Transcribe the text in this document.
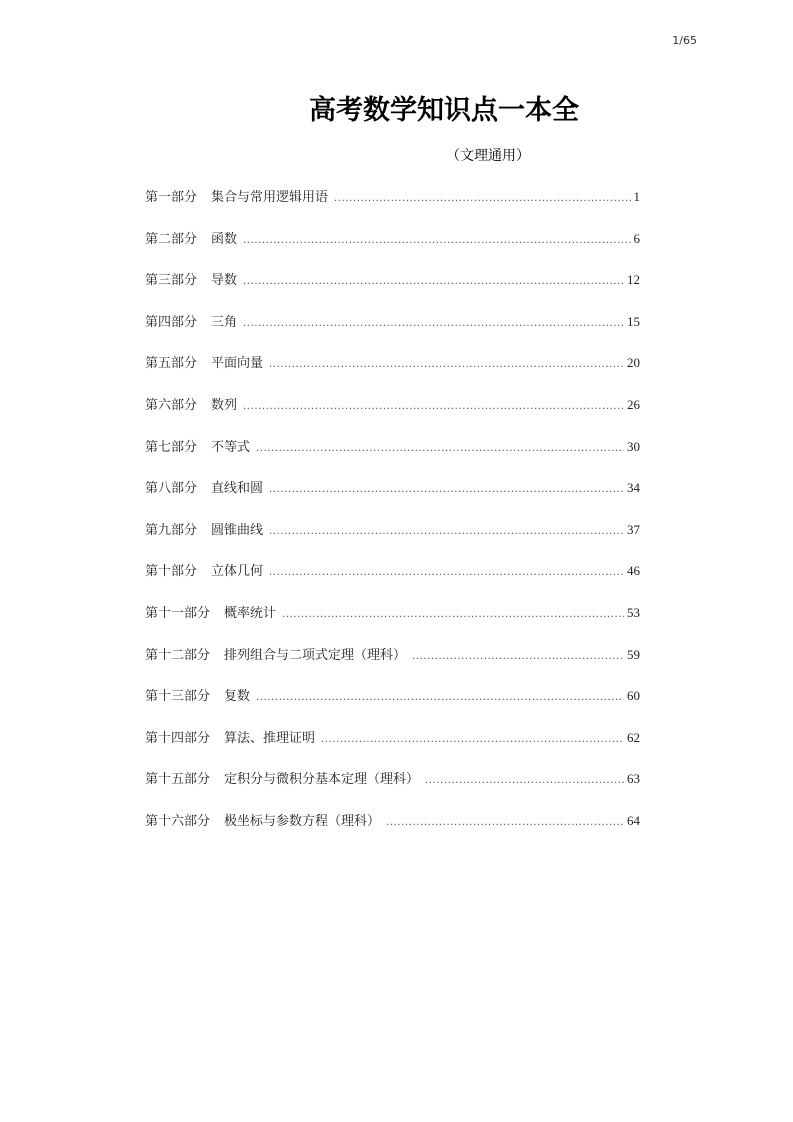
1/65
高考数学知识点一本全
（文理通用）
第一部分 集合与常用逻辑用语 .....	1
第二部分 函数 .....	6
第三部分 导数 .....	12
第四部分 三角 .....	15
第五部分 平面向量 .....	20
第六部分 数列 .....	26
第七部分 不等式 .....	30
第八部分 直线和圆 .....	34
第九部分 圆锥曲线 .....	37
第十部分 立体几何 .....	46
第十一部分 概率统计 .....	53
第十二部分 排列组合与二项式定理（理科） .....	59
第十三部分 复数 .....	60
第十四部分 算法、推理证明 .....	62
第十五部分 定积分与微积分基本定理（理科） .....	63
第十六部分 极坐标与参数方程（理科） .....	64
